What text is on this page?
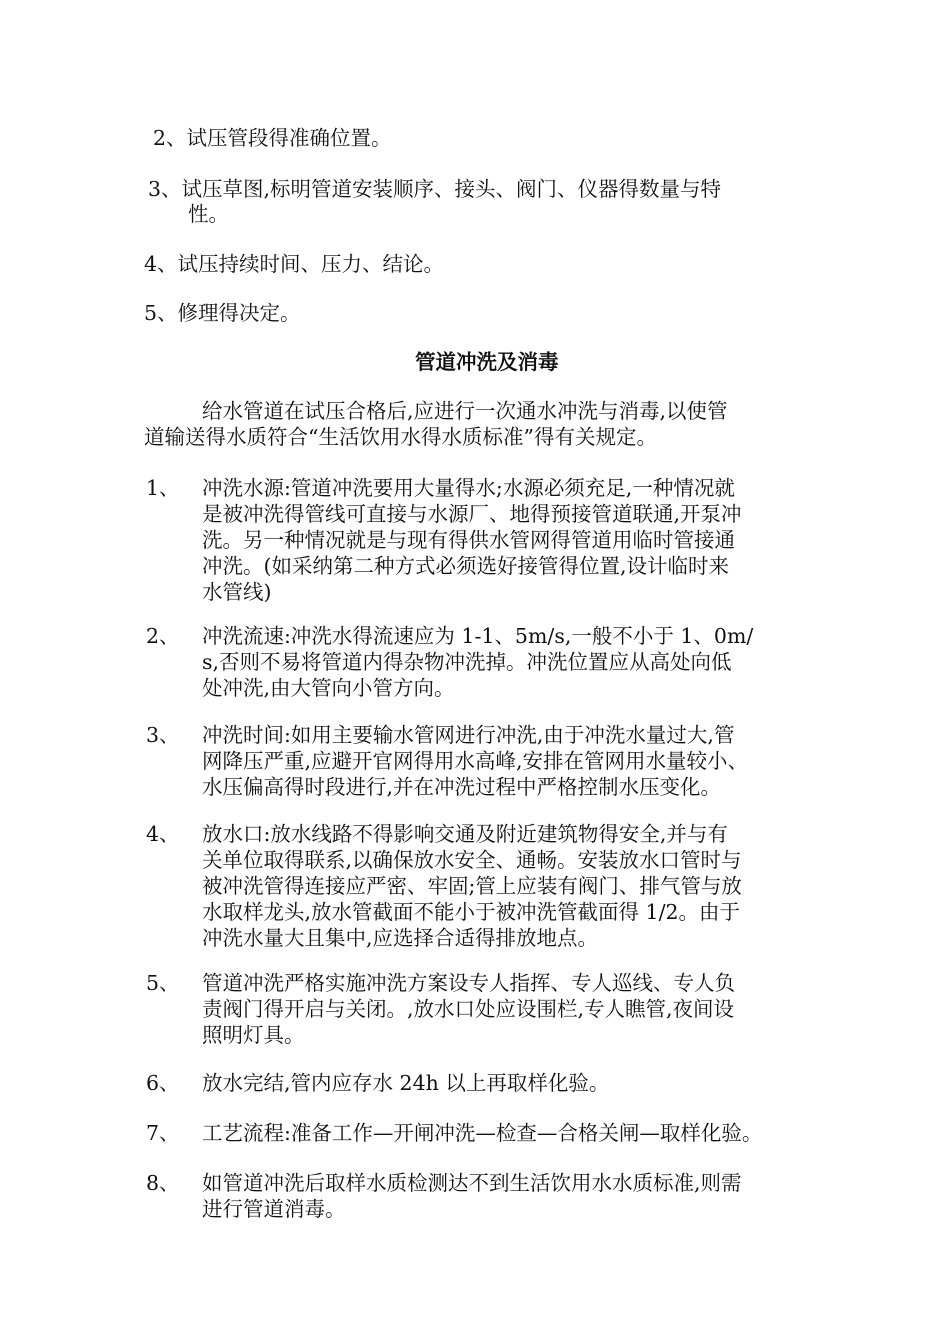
2、试压管段得准确位置。
3、试压草图,标明管道安装顺序、接头、阀门、仪器得数量与特
性。
4、试压持续时间、压力、结论。
5、修理得决定。
管道冲洗及消毒
给水管道在试压合格后,应进行一次通水冲洗与消毒,以使管
道输送得水质符合“生活饮用水得水质标准”得有关规定。
1、 冲洗水源:管道冲洗要用大量得水;水源必须充足,一种情况就
是被冲洗得管线可直接与水源厂、地得预接管道联通,开泵冲
洗。另一种情况就是与现有得供水管网得管道用临时管接通
冲洗。(如采纳第二种方式必须选好接管得位置,设计临时来
水管线)
2、 冲洗流速:冲洗水得流速应为 1-1、5m/s,一般不小于 1、0m/
s,否则不易将管道内得杂物冲洗掉。冲洗位置应从高处向低
处冲洗,由大管向小管方向。
3、 冲洗时间:如用主要输水管网进行冲洗,由于冲洗水量过大,管
网降压严重,应避开官网得用水高峰,安排在管网用水量较小、
水压偏高得时段进行,并在冲洗过程中严格控制水压变化。
4、 放水口:放水线路不得影响交通及附近建筑物得安全,并与有
关单位取得联系,以确保放水安全、通畅。安装放水口管时与
被冲洗管得连接应严密、牢固;管上应装有阀门、排气管与放
水取样龙头,放水管截面不能小于被冲洗管截面得 1/2。由于
冲洗水量大且集中,应选择合适得排放地点。
5、 管道冲洗严格实施冲洗方案设专人指挥、专人巡线、专人负
责阀门得开启与关闭。,放水口处应设围栏,专人瞧管,夜间设
照明灯具。
6、 放水完结,管内应存水 24h 以上再取样化验。
7、 工艺流程:准备工作—开闸冲洗—检查—合格关闸—取样化验。
8、 如管道冲洗后取样水质检测达不到生活饮用水水质标准,则需
进行管道消毒。
